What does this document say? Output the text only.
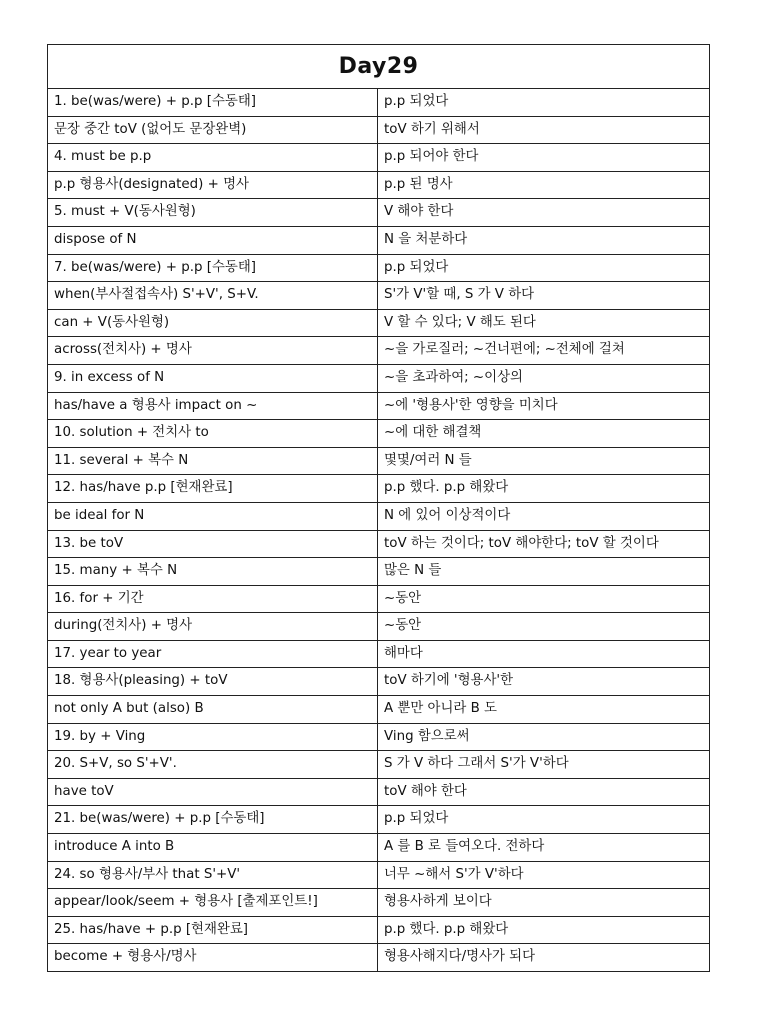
Day29	
1. be(was/were) + p.p [수동태]	p.p 되었다
문장 중간 toV (없어도 문장완벽)	toV 하기 위해서
4. must be p.p	p.p 되어야 한다
p.p 형용사(designated) + 명사	p.p 된 명사
5. must + V(동사원형)	V 해야 한다
dispose of N	N 을 처분하다
7. be(was/were) + p.p [수동태]	p.p 되었다
when(부사절접속사) S'+V', S+V.	S'가 V'할 때, S 가 V 하다
can + V(동사원형)	V 할 수 있다; V 해도 된다
across(전치사) + 명사	~을 가로질러; ~건너편에; ~전체에 걸쳐
9. in excess of N	~을 초과하여; ~이상의
has/have a 형용사 impact on ~	~에 '형용사'한 영향을 미치다
10. solution + 전치사 to	~에 대한 해결책
11. several + 복수 N	몇몇/여러 N 들
12. has/have p.p [현재완료]	p.p 했다. p.p 해왔다
be ideal for N	N 에 있어 이상적이다
13. be toV	toV 하는 것이다; toV 해야한다; toV 할 것이다
15. many + 복수 N	많은 N 들
16. for + 기간	~동안
during(전치사) + 명사	~동안
17. year to year	해마다
18. 형용사(pleasing) + toV	toV 하기에 '형용사'한
not only A but (also) B	A 뿐만 아니라 B 도
19. by + Ving	Ving 함으로써
20. S+V, so S'+V'.	S 가 V 하다 그래서 S'가 V'하다
have toV	toV 해야 한다
21. be(was/were) + p.p [수동태]	p.p 되었다
introduce A into B	A 를 B 로 들여오다. 전하다
24. so 형용사/부사 that S'+V'	너무 ~해서 S'가 V'하다
appear/look/seem + 형용사 [출제포인트!]	형용사하게 보이다
25. has/have + p.p [현재완료]	p.p 했다. p.p 해왔다
become + 형용사/명사	형용사해지다/명사가 되다
